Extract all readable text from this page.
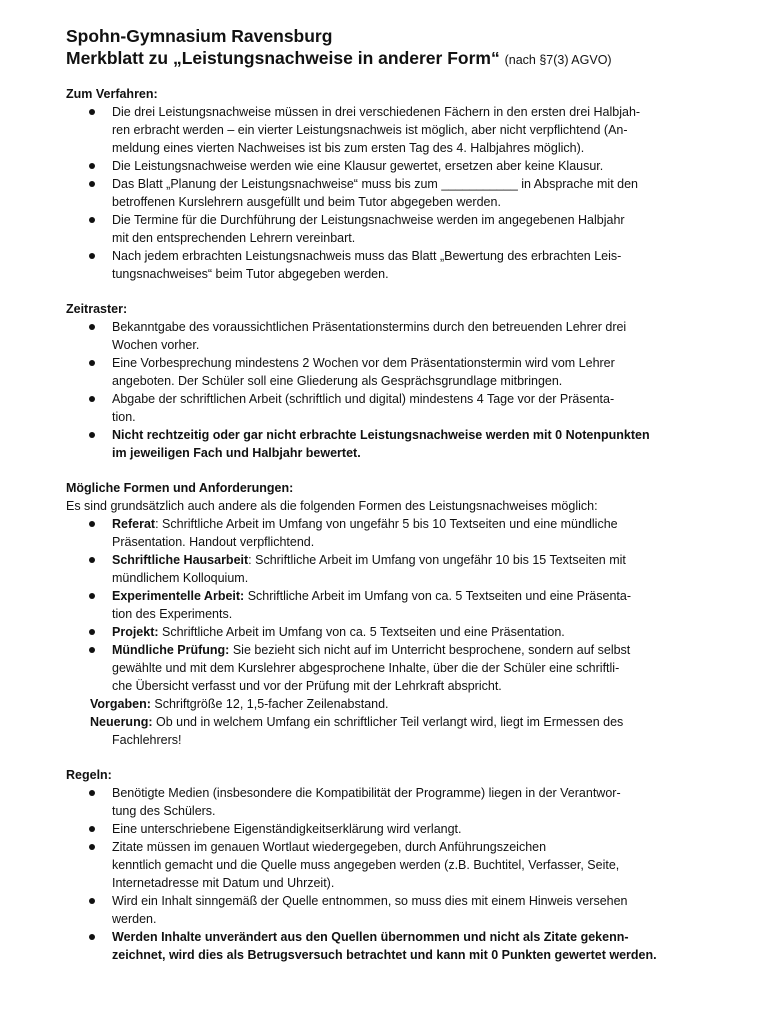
Spohn-Gymnasium Ravensburg
Merkblatt zu „Leistungsnachweise in anderer Form“ (nach §7(3) AGVO)
Zum Verfahren:
Die drei Leistungsnachweise müssen in drei verschiedenen Fächern in den ersten drei Halbjah-
ren erbracht werden – ein vierter Leistungsnachweis ist möglich, aber nicht verpflichtend (An-
meldung eines vierten Nachweises ist bis zum ersten Tag des 4. Halbjahres möglich).
Die Leistungsnachweise werden wie eine Klausur gewertet, ersetzen aber keine Klausur.
Das Blatt „Planung der Leistungsnachweise“ muss bis zum ___________ in Absprache mit den
betroffenen Kurslehrern ausgefüllt und beim Tutor abgegeben werden.
Die Termine für die Durchführung der Leistungsnachweise werden im angegebenen Halbjahr
mit den entsprechenden Lehrern vereinbart.
Nach jedem erbrachten Leistungsnachweis muss das Blatt „Bewertung des erbrachten Leis-
tungsnachweises“ beim Tutor abgegeben werden.
Zeitraster:
Bekanntgabe des voraussichtlichen Präsentationstermins durch den betreuenden Lehrer drei
Wochen vorher.
Eine Vorbesprechung mindestens 2 Wochen vor dem Präsentationstermin wird vom Lehrer
angeboten. Der Schüler soll eine Gliederung als Gesprächsgrundlage mitbringen.
Abgabe der schriftlichen Arbeit (schriftlich und digital) mindestens 4 Tage vor der Präsenta-
tion.
Nicht rechtzeitig oder gar nicht erbrachte Leistungsnachweise werden mit 0 Notenpunkten
im jeweiligen Fach und Halbjahr bewertet.
Mögliche Formen und Anforderungen:
Es sind grundsätzlich auch andere als die folgenden Formen des Leistungsnachweises möglich:
Referat: Schriftliche Arbeit im Umfang von ungefähr 5 bis 10 Textseiten und eine mündliche
Präsentation. Handout verpflichtend.
Schriftliche Hausarbeit: Schriftliche Arbeit im Umfang von ungefähr 10 bis 15 Textseiten mit
mündlichem Kolloquium.
Experimentelle Arbeit: Schriftliche Arbeit im Umfang von ca. 5 Textseiten und eine Präsenta-
tion des Experiments.
Projekt: Schriftliche Arbeit im Umfang von ca. 5 Textseiten und eine Präsentation.
Mündliche Prüfung: Sie bezieht sich nicht auf im Unterricht besprochene, sondern auf selbst
gewählte und mit dem Kurslehrer abgesprochene Inhalte, über die der Schüler eine schriftli-
che Übersicht verfasst und vor der Prüfung mit der Lehrkraft abspricht.
Vorgaben: Schriftgröße 12, 1,5-facher Zeilenabstand.
Neuerung: Ob und in welchem Umfang ein schriftlicher Teil verlangt wird, liegt im Ermessen des
Fachlehrers!
Regeln:
Benötigte Medien (insbesondere die Kompatibilität der Programme) liegen in der Verantwor-
tung des Schülers.
Eine unterschriebene Eigenständigkeitserklärung wird verlangt.
Zitate müssen im genauen Wortlaut wiedergegeben, durch Anführungszeichen
kenntlich gemacht und die Quelle muss angegeben werden (z.B. Buchtitel, Verfasser, Seite,
Internetadresse mit Datum und Uhrzeit).
Wird ein Inhalt sinngemäß der Quelle entnommen, so muss dies mit einem Hinweis versehen
werden.
Werden Inhalte unverändert aus den Quellen übernommen und nicht als Zitate gekenn-
zeichnet, wird dies als Betrugsversuch betrachtet und kann mit 0 Punkten gewertet werden.
